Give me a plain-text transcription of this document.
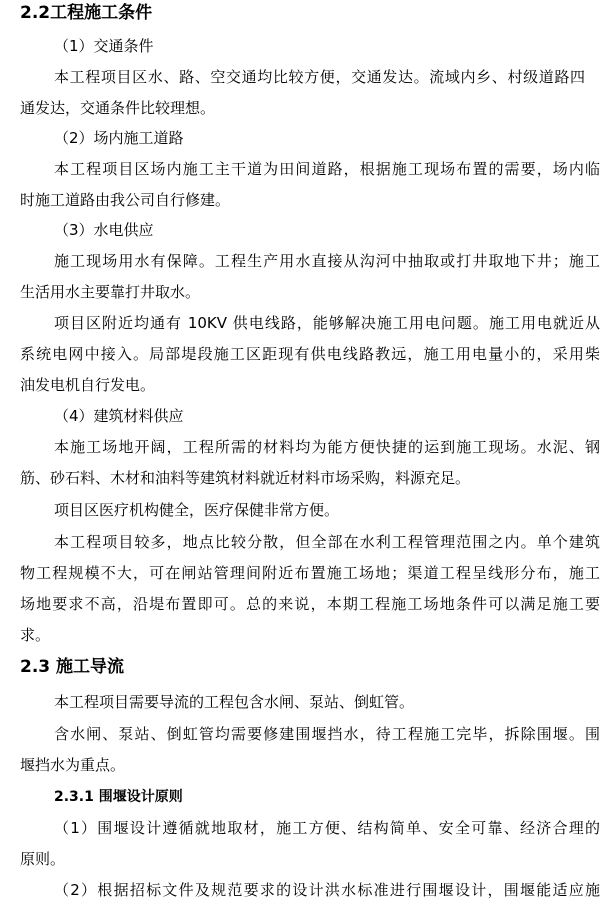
2.2工程施工条件
（1）交通条件
本工程项目区水、路、空交通均比较方便，交通发达。流域内乡、村级道路四
通发达，交通条件比较理想。
（2）场内施工道路
本工程项目区场内施工主干道为田间道路，根据施工现场布置的需要，场内临
时施工道路由我公司自行修建。
（3）水电供应
施工现场用水有保障。工程生产用水直接从沟河中抽取或打井取地下井；施工
生活用水主要靠打井取水。
项目区附近均通有 10KV 供电线路，能够解决施工用电问题。施工用电就近从
系统电网中接入。局部堤段施工区距现有供电线路教远，施工用电量小的，采用柴
油发电机自行发电。
（4）建筑材料供应
本施工场地开阔，工程所需的材料均为能方便快捷的运到施工现场。水泥、钢
筋、砂石料、木材和油料等建筑材料就近材料市场采购，料源充足。
项目区医疗机构健全，医疗保健非常方便。
本工程项目较多，地点比较分散，但全部在水利工程管理范围之内。单个建筑
物工程规模不大，可在闸站管理间附近布置施工场地；渠道工程呈线形分布，施工
场地要求不高，沿堤布置即可。总的来说，本期工程施工场地条件可以满足施工要
求。
2.3 施工导流
本工程项目需要导流的工程包含水闸、泵站、倒虹管。
含水闸、泵站、倒虹管均需要修建围堰挡水，待工程施工完毕，拆除围堰。围
堰挡水为重点。
2.3.1 围堰设计原则
（1）围堰设计遵循就地取材，施工方便、结构简单、安全可靠、经济合理的
原则。
（2）根据招标文件及规范要求的设计洪水标准进行围堰设计，围堰能适应施
